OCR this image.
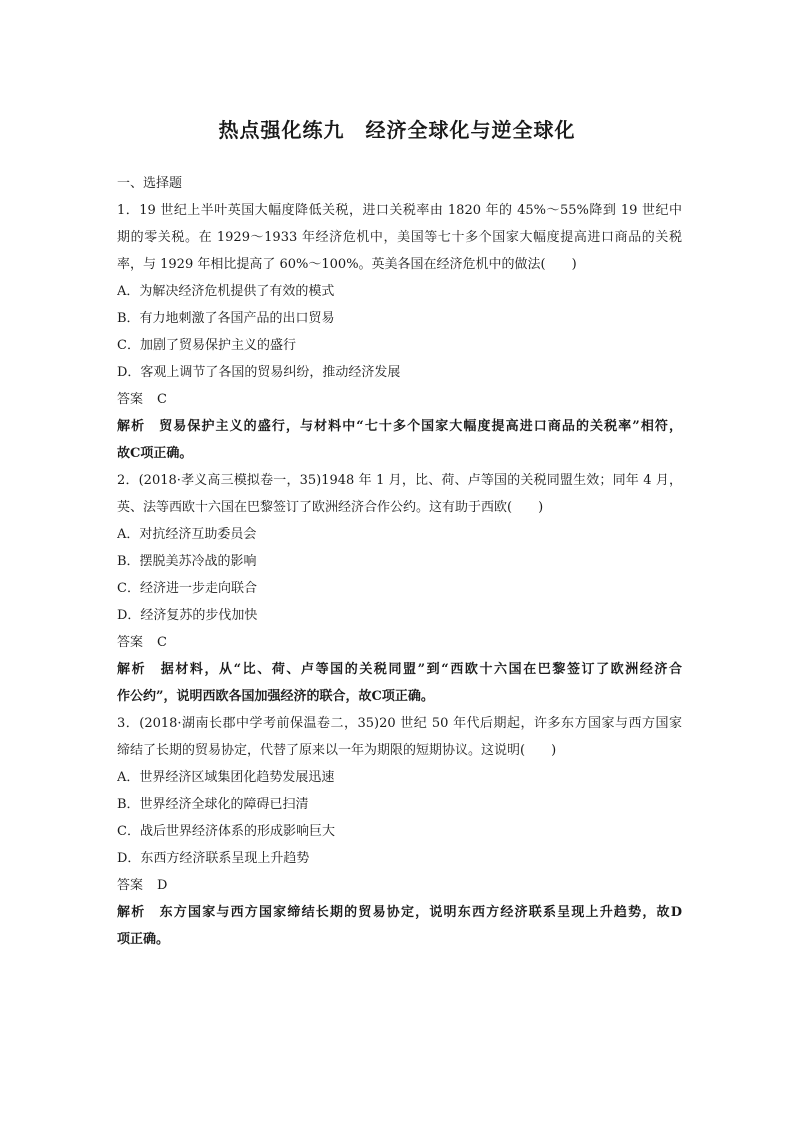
热点强化练九　经济全球化与逆全球化
一、选择题
1．19 世纪上半叶英国大幅度降低关税，进口关税率由 1820 年的 45%～55%降到 19 世纪中
期的零关税。在 1929～1933 年经济危机中，美国等七十多个国家大幅度提高进口商品的关税
率，与 1929 年相比提高了 60%～100%。英美各国在经济危机中的做法(　　)
A．为解决经济危机提供了有效的模式
B．有力地刺激了各国产品的出口贸易
C．加剧了贸易保护主义的盛行
D．客观上调节了各国的贸易纠纷，推动经济发展
答案 C
解析　贸易保护主义的盛行，与材料中“七十多个国家大幅度提高进口商品的关税率”相符，
故C项正确。
2．(2018·孝义高三模拟卷一，35)1948 年 1 月，比、荷、卢等国的关税同盟生效；同年 4 月，
英、法等西欧十六国在巴黎签订了欧洲经济合作公约。这有助于西欧(　　)
A．对抗经济互助委员会
B．摆脱美苏冷战的影响
C．经济进一步走向联合
D．经济复苏的步伐加快
答案 C
解析　据材料，从“比、荷、卢等国的关税同盟”到“西欧十六国在巴黎签订了欧洲经济合
作公约”，说明西欧各国加强经济的联合，故C项正确。
3．(2018·湖南长郡中学考前保温卷二，35)20 世纪 50 年代后期起，许多东方国家与西方国家
缔结了长期的贸易协定，代替了原来以一年为期限的短期协议。这说明(　　)
A．世界经济区域集团化趋势发展迅速
B．世界经济全球化的障碍已扫清
C．战后世界经济体系的形成影响巨大
D．东西方经济联系呈现上升趋势
答案 D
解析　东方国家与西方国家缔结长期的贸易协定，说明东西方经济联系呈现上升趋势，故D
项正确。
